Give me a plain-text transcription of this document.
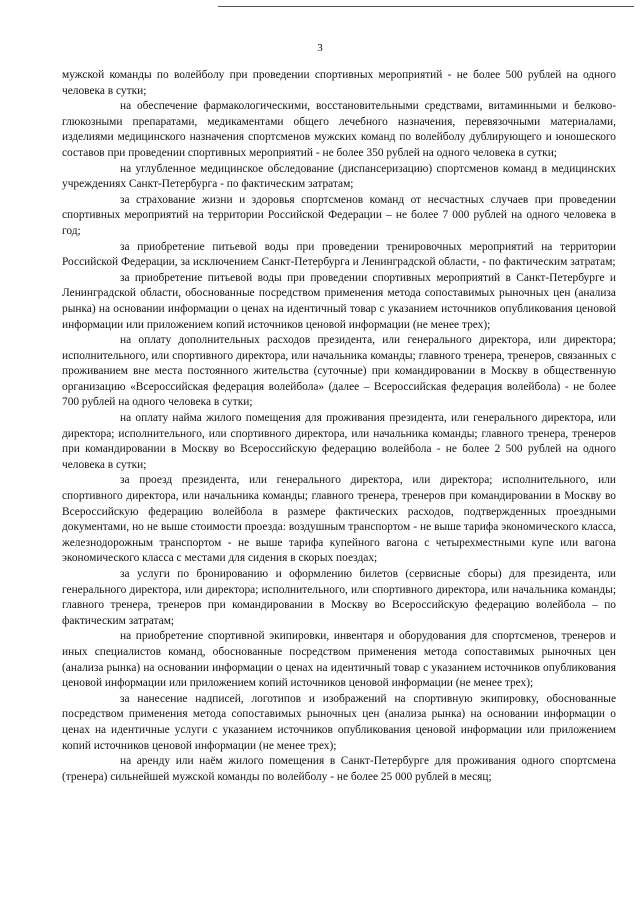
3

мужской команды по волейболу при проведении спортивных мероприятий - не более 500 рублей на одного человека в сутки;

на обеспечение фармакологическими, восстановительными средствами, витаминными и белково-глюкозными препаратами, медикаментами общего лечебного назначения, перевязочными материалами, изделиями медицинского назначения спортсменов мужских команд по волейболу дублирующего и юношеского составов при проведении спортивных мероприятий - не более 350 рублей на одного человека в сутки;

на углубленное медицинское обследование (диспансеризацию) спортсменов команд в медицинских учреждениях Санкт-Петербурга - по фактическим затратам;

за страхование жизни и здоровья спортсменов команд от несчастных случаев при проведении спортивных мероприятий на территории Российской Федерации – не более 7 000 рублей на одного человека в год;

за приобретение питьевой воды при проведении тренировочных мероприятий на территории Российской Федерации, за исключением Санкт-Петербурга и Ленинградской области, - по фактическим затратам;

за приобретение питьевой воды при проведении спортивных мероприятий в Санкт-Петербурге и Ленинградской области, обоснованные посредством применения метода сопоставимых рыночных цен (анализа рынка) на основании информации о ценах на идентичный товар с указанием источников опубликования ценовой информации или приложением копий источников ценовой информации (не менее трех);

на оплату дополнительных расходов президента, или генерального директора, или директора; исполнительного, или спортивного директора, или начальника команды; главного тренера, тренеров, связанных с проживанием вне места постоянного жительства (суточные) при командировании в Москву в общественную организацию «Всероссийская федерация волейбола» (далее – Всероссийская федерация волейбола) - не более 700 рублей на одного человека в сутки;

на оплату найма жилого помещения для проживания президента, или генерального директора, или директора; исполнительного, или спортивного директора, или начальника команды; главного тренера, тренеров при командировании в Москву во Всероссийскую федерацию волейбола - не более 2 500 рублей на одного человека в сутки;

за проезд президента, или генерального директора, или директора; исполнительного, или спортивного директора, или начальника команды; главного тренера, тренеров при командировании в Москву во Всероссийскую федерацию волейбола в размере фактических расходов, подтвержденных проездными документами, но не выше стоимости проезда: воздушным транспортом - не выше тарифа экономического класса, железнодорожным транспортом - не выше тарифа купейного вагона с четырехместными купе или вагона экономического класса с местами для сидения в скорых поездах;

за услуги по бронированию и оформлению билетов (сервисные сборы) для президента, или генерального директора, или директора; исполнительного, или спортивного директора, или начальника команды; главного тренера, тренеров при командировании в Москву во Всероссийскую федерацию волейбола – по фактическим затратам;

на приобретение спортивной экипировки, инвентаря и оборудования для спортсменов, тренеров и иных специалистов команд, обоснованные посредством применения метода сопоставимых рыночных цен (анализа рынка) на основании информации о ценах на идентичный товар с указанием источников опубликования ценовой информации или приложением копий источников ценовой информации (не менее трех);

за нанесение надписей, логотипов и изображений на спортивную экипировку, обоснованные посредством применения метода сопоставимых рыночных цен (анализа рынка) на основании информации о ценах на идентичные услуги с указанием источников опубликования ценовой информации или приложением копий источников ценовой информации (не менее трех);

на аренду или наём жилого помещения в Санкт-Петербурге для проживания одного спортсмена (тренера) сильнейшей мужской команды по волейболу - не более 25 000 рублей в месяц;
